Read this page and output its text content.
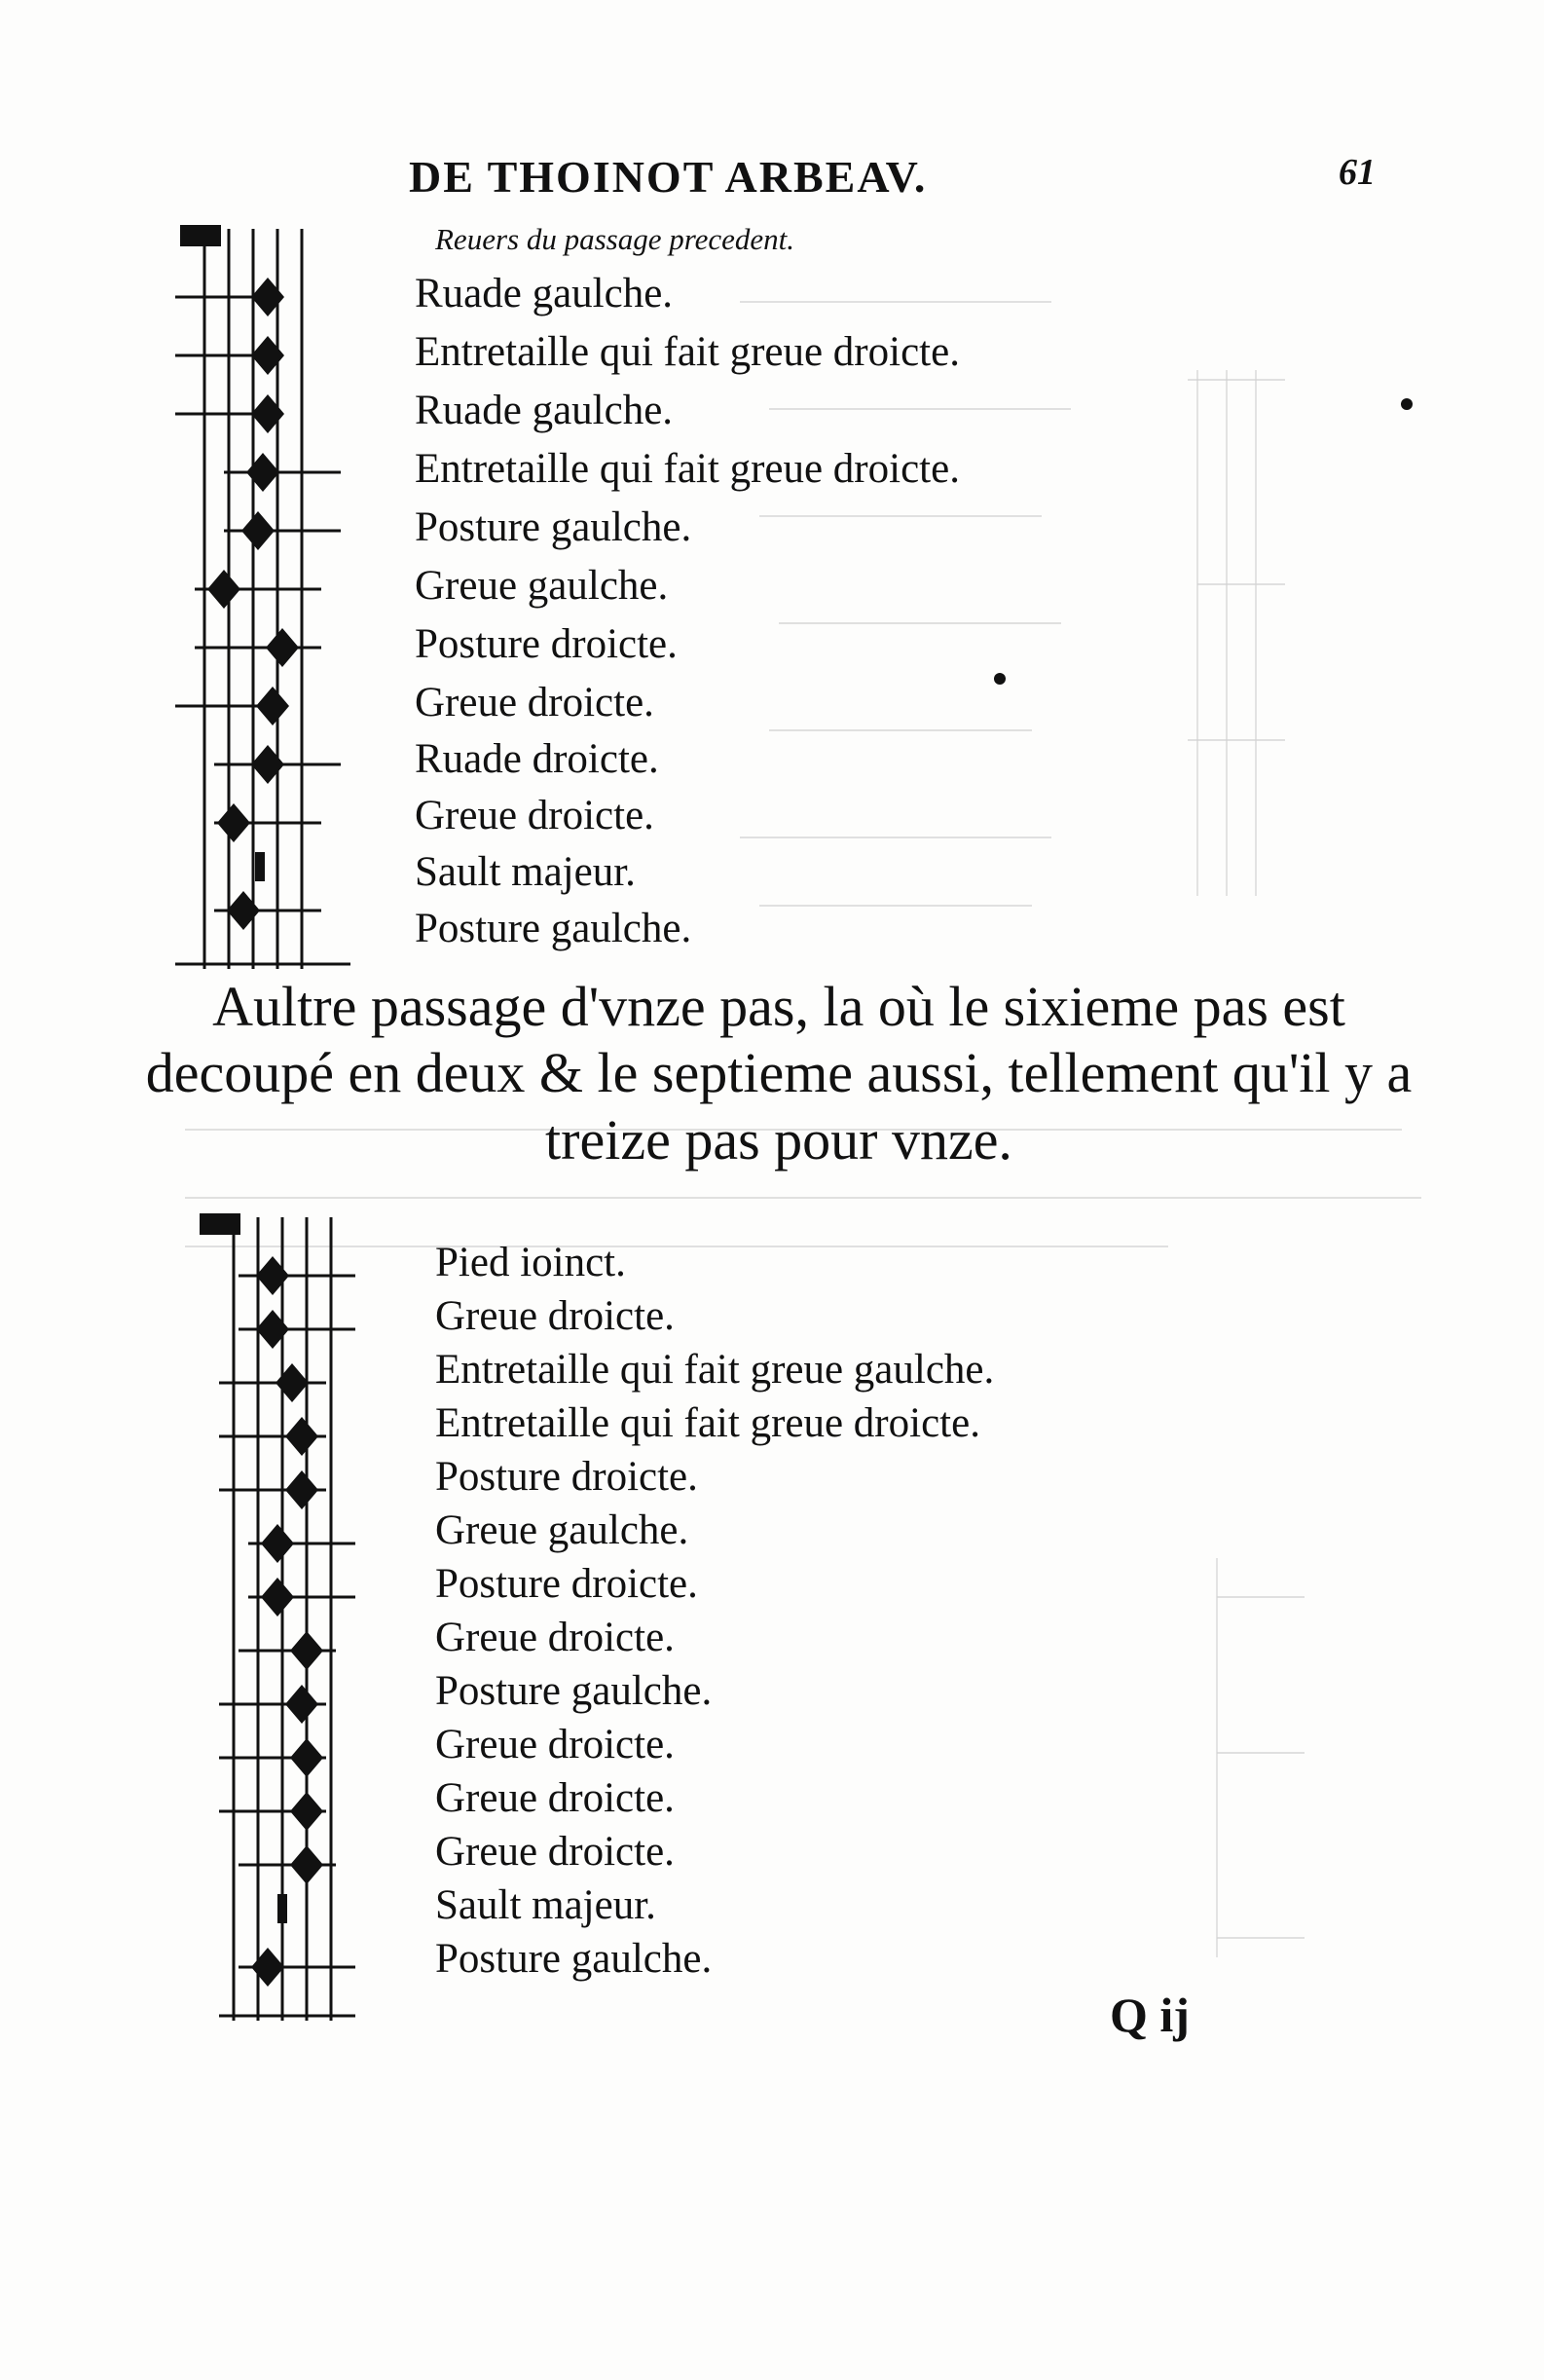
DE THOINOT ARBEAV.	61
Reuers du passage precedent.
Ruade gaulche.
Entretaille qui fait greue droicte.
Ruade gaulche.
Entretaille qui fait greue droicte.
Posture gaulche.
Greue gaulche.
Posture droicte.
Greue droicte.
Ruade droicte.
Greue droicte.
Sault majeur.
Posture gaulche.
Aultre passage d'vnze pas, la où le sixieme pas est decoupé en deux & le septieme aussi, tellement qu'il y a treize pas pour vnze.
Pied ioinct.
Greue droicte.
Entretaille qui fait greue gaulche.
Entretaille qui fait greue droicte.
Posture droicte.
Greue gaulche.
Posture droicte.
Greue droicte.
Posture gaulche.
Greue droicte.
Greue droicte.
Greue droicte.
Sault majeur.
Posture gaulche.
Q ij
